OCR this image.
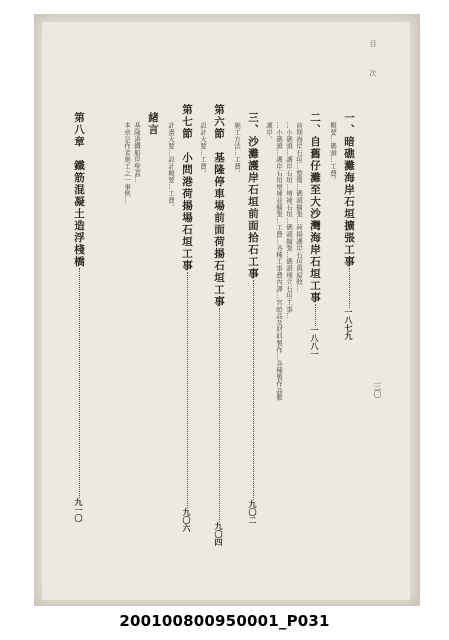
目 次
三〇
一、暗礁灘海岸石垣擴張工事一八七九
概要…碼頭…工費。
二、自舊仔灘至大沙灣海岸石垣工事一八八一
前期海岸石垣…整備…碼頭擴張…荷揚護岸石垣與腐敗…
…小碼頭…護岸石垣…增補石垣…碼頭擴張…碼頭埋立石垣工事…
…小碼頭…護岸石垣增補並擴張…工費…各種工事費內譯…官給品及材料製作…各種製作品數
護岸。
三、沙灘護岸石垣前面拾石工事九〇二
施工方法…工費。
第六節　基隆停車場前面荷揚石垣工事九〇四
設計大要…工費。
第七節　小問港荷揚場石垣工事九〇六
計畫大要…設計概要…工費。
緒言
基隆港鐵船岸壁蓋…
本章是作者施工之一事例…
第八章　鐵筋混凝土造浮棧橋九一〇
200100800950001_P031
